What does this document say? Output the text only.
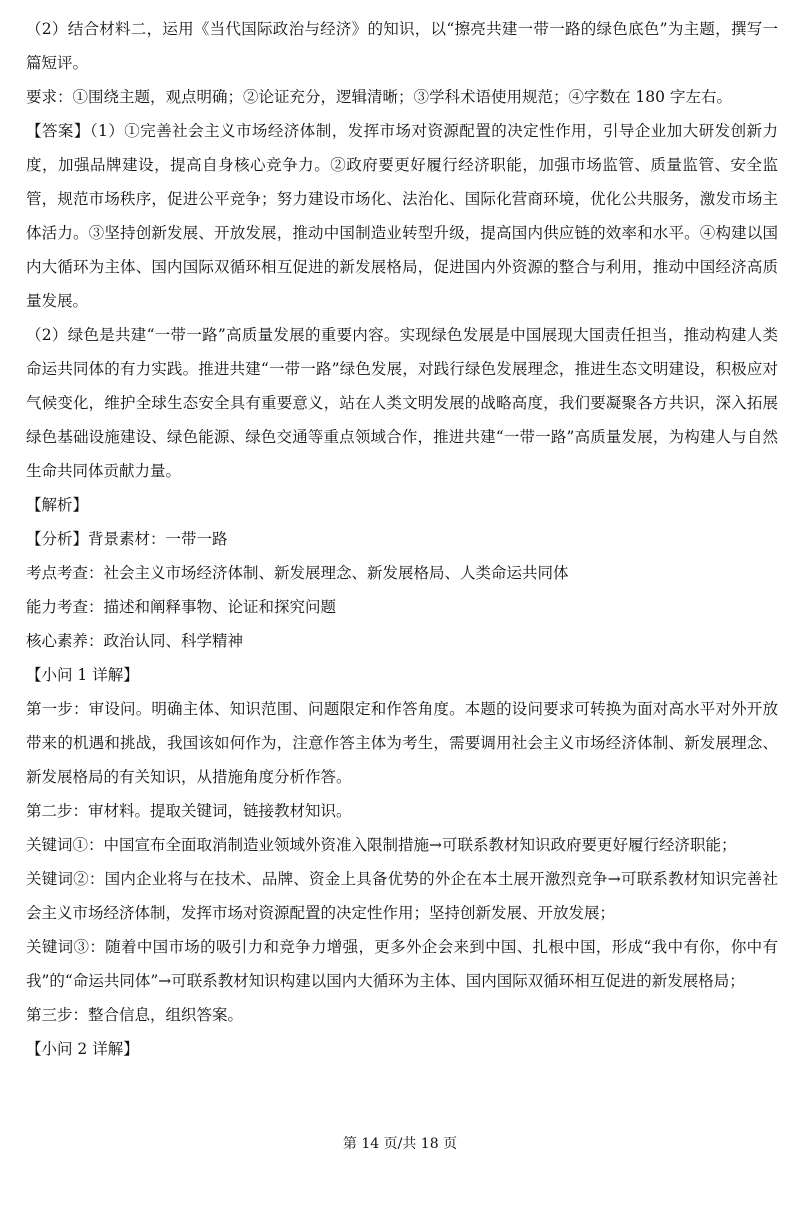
（2）结合材料二，运用《当代国际政治与经济》的知识，以“擦亮共建一带一路的绿色底色”为主题，撰写一篇短评。

要求：①围绕主题，观点明确；②论证充分，逻辑清晰；③学科术语使用规范；④字数在 180 字左右。

【答案】（1）①完善社会主义市场经济体制，发挥市场对资源配置的决定性作用，引导企业加大研发创新力度，加强品牌建设，提高自身核心竞争力。②政府要更好履行经济职能，加强市场监管、质量监管、安全监管，规范市场秩序，促进公平竞争；努力建设市场化、法治化、国际化营商环境，优化公共服务，激发市场主体活力。③坚持创新发展、开放发展，推动中国制造业转型升级，提高国内供应链的效率和水平。④构建以国内大循环为主体、国内国际双循环相互促进的新发展格局，促进国内外资源的整合与利用，推动中国经济高质量发展。

（2）绿色是共建“一带一路”高质量发展的重要内容。实现绿色发展是中国展现大国责任担当，推动构建人类命运共同体的有力实践。推进共建“一带一路”绿色发展，对践行绿色发展理念，推进生态文明建设，积极应对气候变化，维护全球生态安全具有重要意义，站在人类文明发展的战略高度，我们要凝聚各方共识，深入拓展绿色基础设施建设、绿色能源、绿色交通等重点领域合作，推进共建“一带一路”高质量发展，为构建人与自然生命共同体贡献力量。

【解析】

【分析】背景素材：一带一路

考点考查：社会主义市场经济体制、新发展理念、新发展格局、人类命运共同体

能力考查：描述和阐释事物、论证和探究问题

核心素养：政治认同、科学精神

【小问 1 详解】

第一步：审设问。明确主体、知识范围、问题限定和作答角度。本题的设问要求可转换为面对高水平对外开放带来的机遇和挑战，我国该如何作为，注意作答主体为考生，需要调用社会主义市场经济体制、新发展理念、新发展格局的有关知识，从措施角度分析作答。

第二步：审材料。提取关键词，链接教材知识。

关键词①：中国宣布全面取消制造业领域外资准入限制措施→可联系教材知识政府要更好履行经济职能；

关键词②：国内企业将与在技术、品牌、资金上具备优势的外企在本土展开激烈竞争→可联系教材知识完善社会主义市场经济体制，发挥市场对资源配置的决定性作用；坚持创新发展、开放发展；

关键词③：随着中国市场的吸引力和竞争力增强，更多外企会来到中国、扎根中国，形成“我中有你，你中有我”的“命运共同体”→可联系教材知识构建以国内大循环为主体、国内国际双循环相互促进的新发展格局；

第三步：整合信息，组织答案。

【小问 2 详解】

第 14 页/共 18 页
